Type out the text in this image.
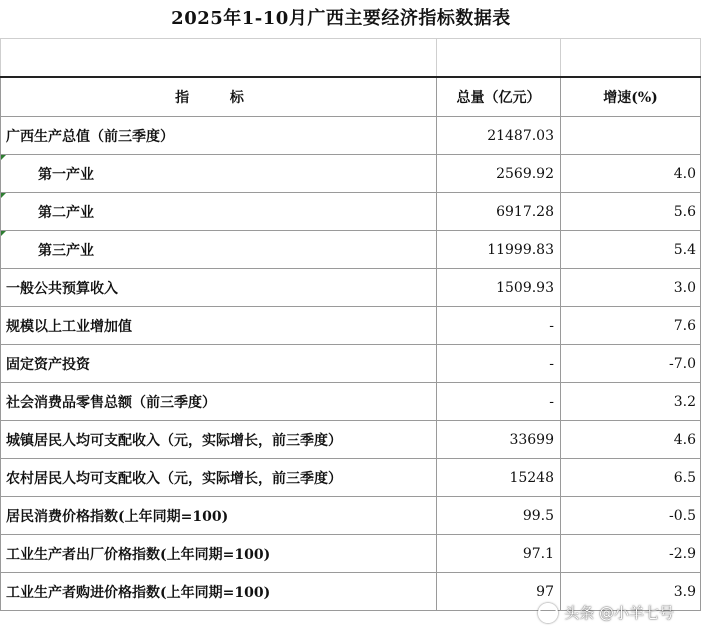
2025年1-10月广西主要经济指标数据表

指 标	总量（亿元）	增速(%)
广西生产总值（前三季度）	21487.03	
第一产业	2569.92	4.0
第二产业	6917.28	5.6
第三产业	11999.83	5.4
一般公共预算收入	1509.93	3.0
规模以上工业增加值	-	7.6
固定资产投资	-	-7.0
社会消费品零售总额（前三季度）	-	3.2
城镇居民人均可支配收入（元，实际增长，前三季度）	33699	4.6
农村居民人均可支配收入（元，实际增长，前三季度）	15248	6.5
居民消费价格指数(上年同期=100)	99.5	-0.5
工业生产者出厂价格指数(上年同期=100)	97.1	-2.9
工业生产者购进价格指数(上年同期=100)	97	3.9
头条 @小羊七号
